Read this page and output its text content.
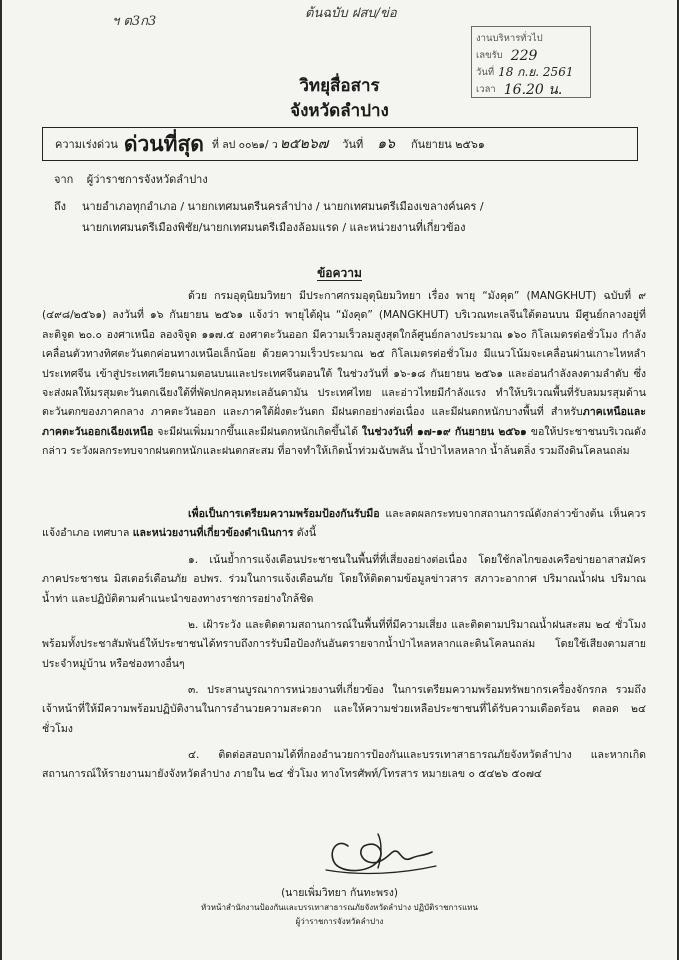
ฯ ต3ก3
ต้นฉบับ ฝสบ/ข่อ
งานบริหารทั่วไป
เลขรับ 229
วันที่ 18 ก.ย. 2561
เวลา 16.20 น.
วิทยุสื่อสาร
จังหวัดลำปาง
ความเร่งด่วน ด่วนที่สุด ที่ ลป ๐๐๒๑/ ว ๒๕๒๖๗ วันที่ ๑๖ กันยายน ๒๕๖๑
จาก ผู้ว่าราชการจังหวัดลำปาง
ถึง นายอำเภอทุกอำเภอ / นายกเทศมนตรีนครลำปาง / นายกเทศมนตรีเมืองเขลางค์นคร /
นายกเทศมนตรีเมืองพิชัย/นายกเทศมนตรีเมืองล้อมแรด / และหน่วยงานที่เกี่ยวข้อง
ข้อความ
ด้วย กรมอุตุนิยมวิทยา มีประกาศกรมอุตุนิยมวิทยา เรื่อง พายุ “มังคุด” (MANGKHUT) ฉบับที่ ๙ (๔๙๘/๒๕๖๑) ลงวันที่ ๑๖ กันยายน ๒๕๖๑ แจ้งว่า พายุไต้ฝุ่น “มังคุด” (MANGKHUT) บริเวณทะเลจีนใต้ตอนบน มีศูนย์กลางอยู่ที่ละติจูด ๒๐.๐ องศาเหนือ ลองจิจูด ๑๑๗.๕ องศาตะวันออก มีความเร็วลมสูงสุดใกล้ศูนย์กลางประมาณ ๑๖๐ กิโลเมตรต่อชั่วโมง กำลังเคลื่อนตัวทางทิศตะวันตกค่อนทางเหนือเล็กน้อย ด้วยความเร็วประมาณ ๒๕ กิโลเมตรต่อชั่วโมง มีแนวโน้มจะเคลื่อนผ่านเกาะไหหลำ ประเทศจีน เข้าสู่ประเทศเวียดนามตอนบนและประเทศจีนตอนใต้ ในช่วงวันที่ ๑๖-๑๘ กันยายน ๒๕๖๑ และอ่อนกำลังลงตามลำดับ ซึ่งจะส่งผลให้มรสุมตะวันตกเฉียงใต้ที่พัดปกคลุมทะเลอันดามัน ประเทศไทย และอ่าวไทยมีกำลังแรง ทำให้บริเวณพื้นที่รับลมมรสุมด้านตะวันตกของภาคกลาง ภาคตะวันออก และภาคใต้ฝั่งตะวันตก มีฝนตกอย่างต่อเนื่อง และมีฝนตกหนักบางพื้นที่ สำหรับภาคเหนือและภาคตะวันออกเฉียงเหนือ จะมีฝนเพิ่มมากขึ้นและมีฝนตกหนักเกิดขึ้นได้ ในช่วงวันที่ ๑๗-๑๙ กันยายน ๒๕๖๑ ขอให้ประชาชนบริเวณดังกล่าว ระวังผลกระทบจากฝนตกหนักและฝนตกสะสม ที่อาจทำให้เกิดน้ำท่วมฉับพลัน น้ำป่าไหลหลาก น้ำล้นตลิ่ง รวมถึงดินโคลนถล่ม
เพื่อเป็นการเตรียมความพร้อมป้องกันรับมือ และลดผลกระทบจากสถานการณ์ดังกล่าวข้างต้น เห็นควรแจ้งอำเภอ เทศบาล และหน่วยงานที่เกี่ยวข้องดำเนินการ ดังนี้
๑. เน้นย้ำการแจ้งเตือนประชาชนในพื้นที่ที่เสี่ยงอย่างต่อเนื่อง โดยใช้กลไกของเครือข่ายอาสาสมัครภาคประชาชน มิสเตอร์เตือนภัย อปพร. ร่วมในการแจ้งเตือนภัย โดยให้ติดตามข้อมูลข่าวสาร สภาวะอากาศ ปริมาณน้ำฝน ปริมาณน้ำท่า และปฏิบัติตามคำแนะนำของทางราชการอย่างใกล้ชิด
๒. เฝ้าระวัง และติดตามสถานการณ์ในพื้นที่ที่มีความเสี่ยง และติดตามปริมาณน้ำฝนสะสม ๒๔ ชั่วโมง พร้อมทั้งประชาสัมพันธ์ให้ประชาชนได้ทราบถึงการรับมือป้องกันอันตรายจากน้ำป่าไหลหลากและดินโคลนถล่ม โดยใช้เสียงตามสายประจำหมู่บ้าน หรือช่องทางอื่นๆ
๓. ประสานบูรณาการหน่วยงานที่เกี่ยวข้อง ในการเตรียมความพร้อมทรัพยากรเครื่องจักรกล รวมถึงเจ้าหน้าที่ให้มีความพร้อมปฏิบัติงานในการอำนวยความสะดวก และให้ความช่วยเหลือประชาชนที่ได้รับความเดือดร้อน ตลอด ๒๔ ชั่วโมง
๔. ติดต่อสอบถามได้ที่กองอำนวยการป้องกันและบรรเทาสาธารณภัยจังหวัดลำปาง และหากเกิดสถานการณ์ให้รายงานมายังจังหวัดลำปาง ภายใน ๒๔ ชั่วโมง ทางโทรศัพท์/โทรสาร หมายเลข ๐ ๕๔๒๖ ๕๐๗๔
(นายเพิ่มวิทยา กันทะพรง)
หัวหน้าสำนักงานป้องกันและบรรเทาสาธารณภัยจังหวัดลำปาง ปฏิบัติราชการแทน
ผู้ว่าราชการจังหวัดลำปาง
